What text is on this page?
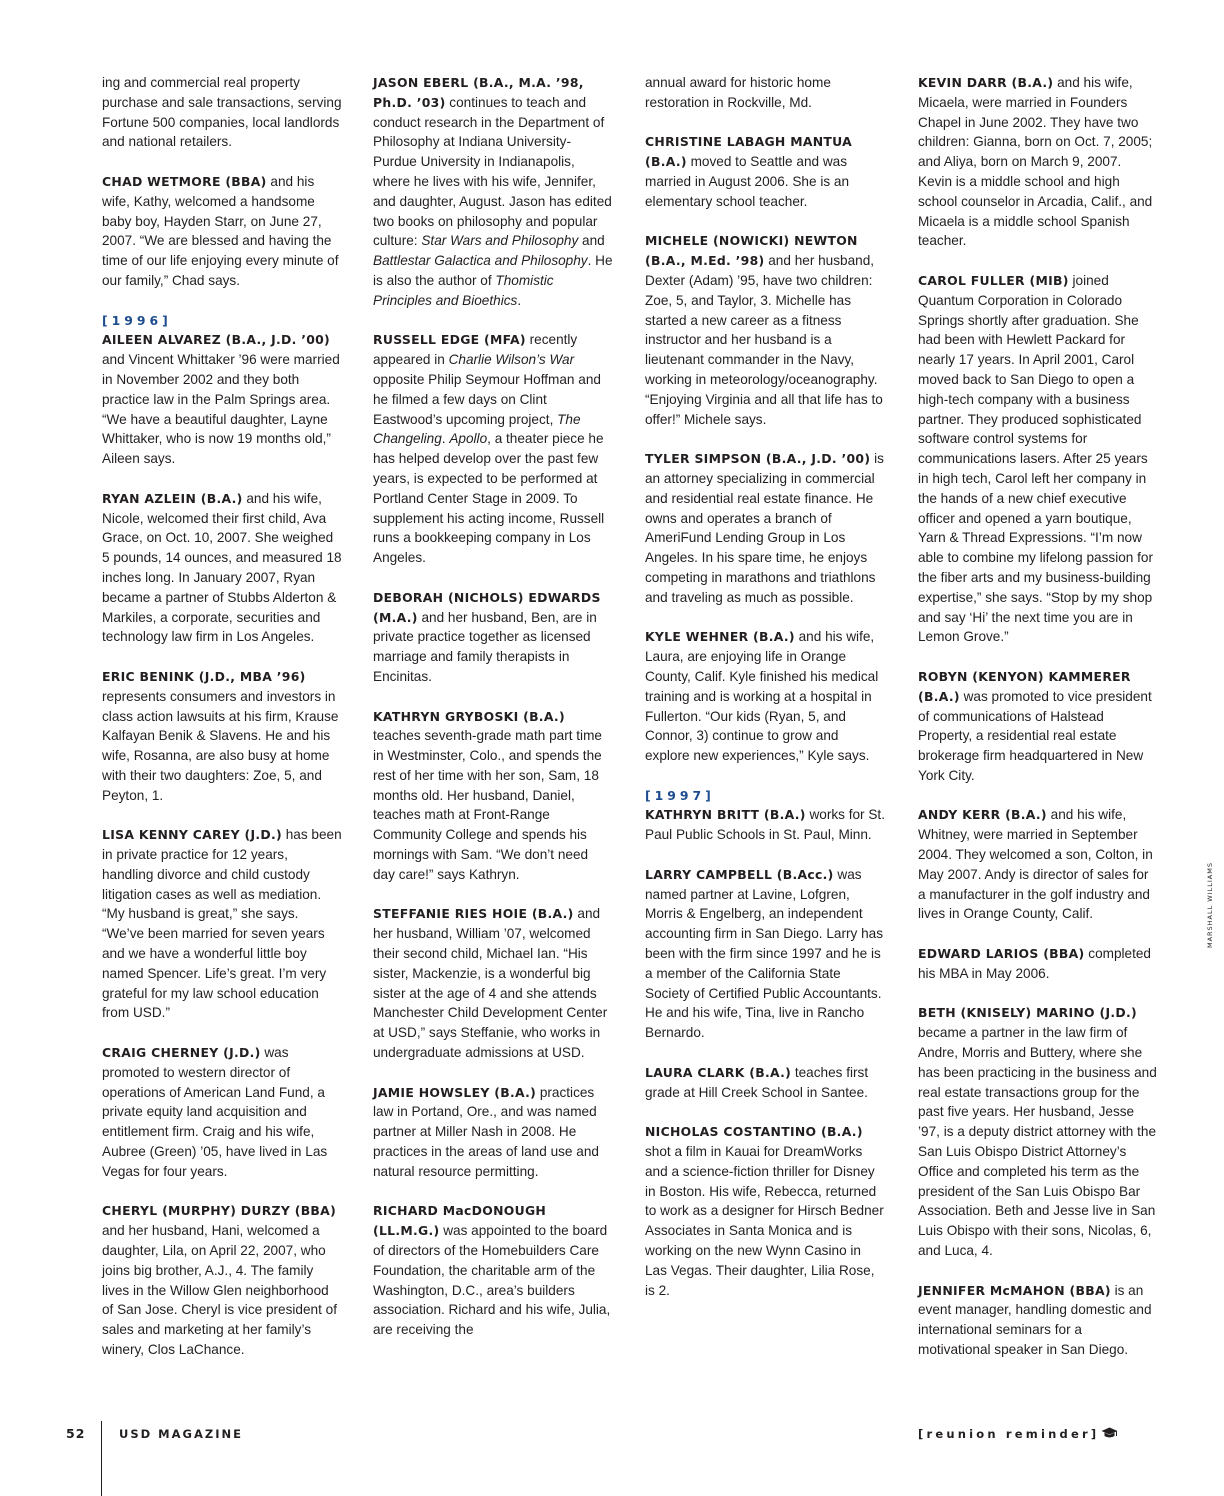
ing and commercial real property purchase and sale transactions, serving Fortune 500 companies, local landlords and national retailers.

CHAD WETMORE (BBA) and his wife, Kathy, welcomed a handsome baby boy, Hayden Starr, on June 27, 2007. “We are blessed and having the time of our life enjoying every minute of our family,” Chad says.

[1996]

AILEEN ALVAREZ (B.A., J.D. ’00) and Vincent Whittaker ’96 were married in November 2002 and they both practice law in the Palm Springs area. “We have a beautiful daughter, Layne Whittaker, who is now 19 months old,” Aileen says.

RYAN AZLEIN (B.A.) and his wife, Nicole, welcomed their first child, Ava Grace, on Oct. 10, 2007. She weighed 5 pounds, 14 ounces, and measured 18 inches long. In January 2007, Ryan became a partner of Stubbs Alderton & Markiles, a corporate, securities and technology law firm in Los Angeles.

ERIC BENINK (J.D., MBA ’96) represents consumers and investors in class action lawsuits at his firm, Krause Kalfayan Benik & Slavens. He and his wife, Rosanna, are also busy at home with their two daughters: Zoe, 5, and Peyton, 1.

LISA KENNY CAREY (J.D.) has been in private practice for 12 years, handling divorce and child custody litigation cases as well as mediation. “My husband is great,” she says. “We’ve been married for seven years and we have a wonderful little boy named Spencer. Life’s great. I’m very grateful for my law school education from USD.”

CRAIG CHERNEY (J.D.) was promoted to western director of operations of American Land Fund, a private equity land acquisition and entitlement firm. Craig and his wife, Aubree (Green) ’05, have lived in Las Vegas for four years.

CHERYL (MURPHY) DURZY (BBA) and her husband, Hani, welcomed a daughter, Lila, on April 22, 2007, who joins big brother, A.J., 4. The family lives in the Willow Glen neighborhood of San Jose. Cheryl is vice president of sales and marketing at her family’s winery, Clos LaChance.

JASON EBERL (B.A., M.A. ’98, Ph.D. ’03) continues to teach and conduct research in the Department of Philosophy at Indiana University-Purdue University in Indianapolis, where he lives with his wife, Jennifer, and daughter, August. Jason has edited two books on philosophy and popular culture: Star Wars and Philosophy and Battlestar Galactica and Philosophy. He is also the author of Thomistic Principles and Bioethics.

RUSSELL EDGE (MFA) recently appeared in Charlie Wilson’s War opposite Philip Seymour Hoffman and he filmed a few days on Clint Eastwood’s upcoming project, The Changeling. Apollo, a theater piece he has helped develop over the past few years, is expected to be performed at Portland Center Stage in 2009. To supplement his acting income, Russell runs a bookkeeping company in Los Angeles.

DEBORAH (NICHOLS) EDWARDS (M.A.) and her husband, Ben, are in private practice together as licensed marriage and family therapists in Encinitas.

KATHRYN GRYBOSKI (B.A.) teaches seventh-grade math part time in Westminster, Colo., and spends the rest of her time with her son, Sam, 18 months old. Her husband, Daniel, teaches math at Front-Range Community College and spends his mornings with Sam. “We don’t need day care!” says Kathryn.

STEFFANIE RIES HOIE (B.A.) and her husband, William ’07, welcomed their second child, Michael Ian. “His sister, Mackenzie, is a wonderful big sister at the age of 4 and she attends Manchester Child Development Center at USD,” says Steffanie, who works in undergraduate admissions at USD.

JAMIE HOWSLEY (B.A.) practices law in Portand, Ore., and was named partner at Miller Nash in 2008. He practices in the areas of land use and natural resource permitting.

RICHARD MacDONOUGH (LL.M.G.) was appointed to the board of directors of the Homebuilders Care Foundation, the charitable arm of the Washington, D.C., area’s builders association. Richard and his wife, Julia, are receiving the

annual award for historic home restoration in Rockville, Md.

CHRISTINE LABAGH MANTUA (B.A.) moved to Seattle and was married in August 2006. She is an elementary school teacher.

MICHELE (NOWICKI) NEWTON (B.A., M.Ed. ’98) and her husband, Dexter (Adam) ’95, have two children: Zoe, 5, and Taylor, 3. Michelle has started a new career as a fitness instructor and her husband is a lieutenant commander in the Navy, working in meteorology/oceanography. “Enjoying Virginia and all that life has to offer!” Michele says.

TYLER SIMPSON (B.A., J.D. ’00) is an attorney specializing in commercial and residential real estate finance. He owns and operates a branch of AmeriFund Lending Group in Los Angeles. In his spare time, he enjoys competing in marathons and triathlons and traveling as much as possible.

KYLE WEHNER (B.A.) and his wife, Laura, are enjoying life in Orange County, Calif. Kyle finished his medical training and is working at a hospital in Fullerton. “Our kids (Ryan, 5, and Connor, 3) continue to grow and explore new experiences,” Kyle says.

[1997]

KATHRYN BRITT (B.A.) works for St. Paul Public Schools in St. Paul, Minn.

LARRY CAMPBELL (B.Acc.) was named partner at Lavine, Lofgren, Morris & Engelberg, an independent accounting firm in San Diego. Larry has been with the firm since 1997 and he is a member of the California State Society of Certified Public Accountants. He and his wife, Tina, live in Rancho Bernardo.

LAURA CLARK (B.A.) teaches first grade at Hill Creek School in Santee.

NICHOLAS COSTANTINO (B.A.) shot a film in Kauai for DreamWorks and a science-fiction thriller for Disney in Boston. His wife, Rebecca, returned to work as a designer for Hirsch Bedner Associates in Santa Monica and is working on the new Wynn Casino in Las Vegas. Their daughter, Lilia Rose, is 2.

KEVIN DARR (B.A.) and his wife, Micaela, were married in Founders Chapel in June 2002. They have two children: Gianna, born on Oct. 7, 2005; and Aliya, born on March 9, 2007. Kevin is a middle school and high school counselor in Arcadia, Calif., and Micaela is a middle school Spanish teacher.

CAROL FULLER (MIB) joined Quantum Corporation in Colorado Springs shortly after graduation. She had been with Hewlett Packard for nearly 17 years. In April 2001, Carol moved back to San Diego to open a high-tech company with a business partner. They produced sophisticated software control systems for communications lasers. After 25 years in high tech, Carol left her company in the hands of a new chief executive officer and opened a yarn boutique, Yarn & Thread Expressions. “I’m now able to combine my lifelong passion for the fiber arts and my business-building expertise,” she says. “Stop by my shop and say ‘Hi’ the next time you are in Lemon Grove.”

ROBYN (KENYON) KAMMERER (B.A.) was promoted to vice president of communications of Halstead Property, a residential real estate brokerage firm headquartered in New York City.

ANDY KERR (B.A.) and his wife, Whitney, were married in September 2004. They welcomed a son, Colton, in May 2007. Andy is director of sales for a manufacturer in the golf industry and lives in Orange County, Calif.

EDWARD LARIOS (BBA) completed his MBA in May 2006.

BETH (KNISELY) MARINO (J.D.) became a partner in the law firm of Andre, Morris and Buttery, where she has been practicing in the business and real estate transactions group for the past five years. Her husband, Jesse ’97, is a deputy district attorney with the San Luis Obispo District Attorney’s Office and completed his term as the president of the San Luis Obispo Bar Association. Beth and Jesse live in San Luis Obispo with their sons, Nicolas, 6, and Luca, 4.

JENNIFER McMAHON (BBA) is an event manager, handling domestic and international seminars for a motivational speaker in San Diego.

MARSHALL WILLIAMS
52	USD MAGAZINE	[reunion reminder]
